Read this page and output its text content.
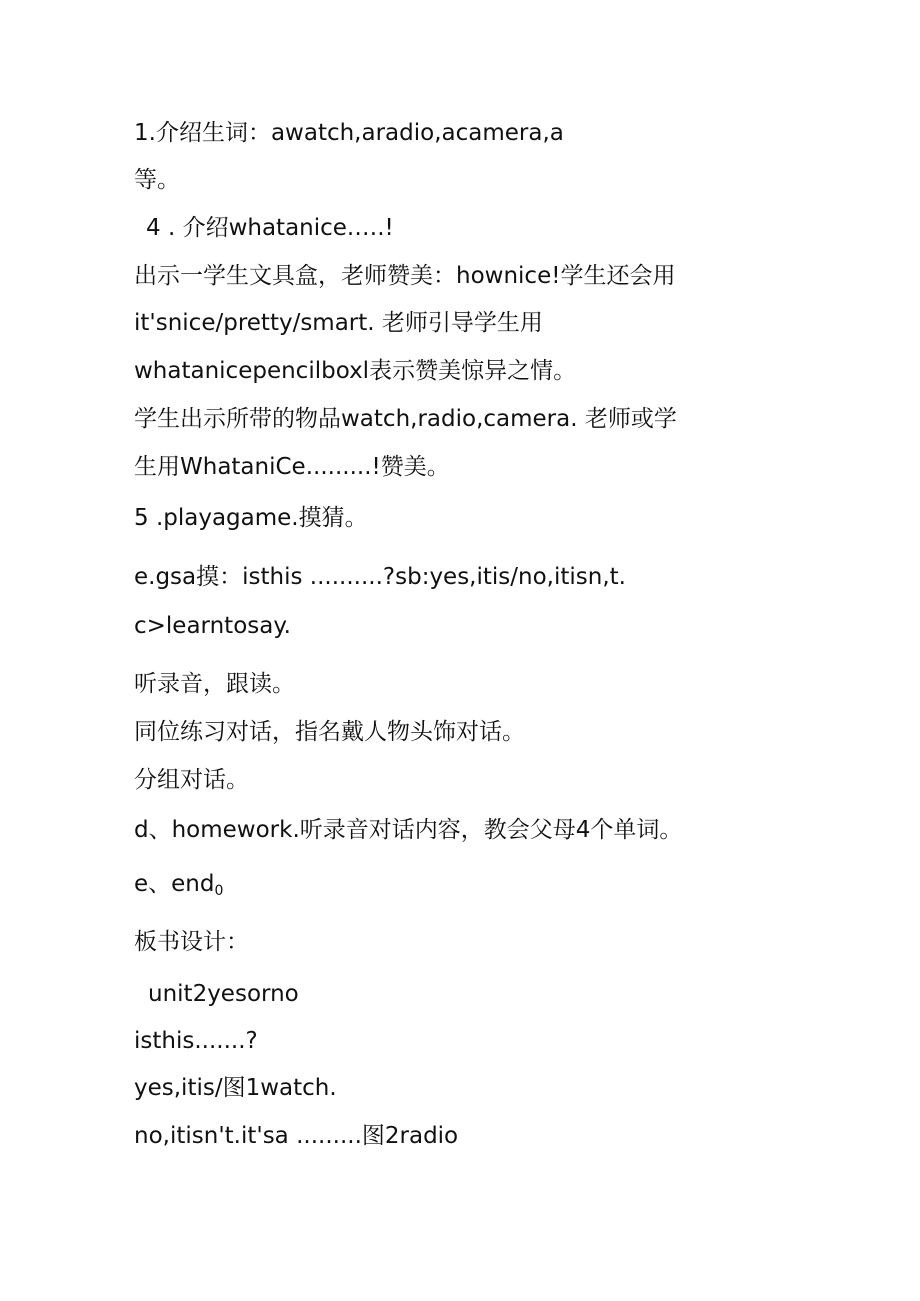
1.介绍生词：awatch,aradio,acamera,a
等。
4 . 介绍whatanice.….!
出示一学生文具盒，老师赞美：hownice!学生还会用
it'snice/pretty/smart. 老师引导学生用
whatanicepencilboxl表示赞美惊异之情。
学生出示所带的物品watch,radio,camera. 老师或学
生用WhataniCe.........!赞美。
5 .playagame.摸猜。
e.gsa摸：isthis ..........?sb:yes,itis/no,itisn,t.
c>learntosay.
听录音，跟读。
同位练习对话，指名戴人物头饰对话。
分组对话。
d、homework.听录音对话内容，教会父母4个单词。
e、end$_0$
板书设计：
unit2yesorno
isthis.......?
yes,itis/图1watch.
no,itisn't.it'sa .........图2radio
